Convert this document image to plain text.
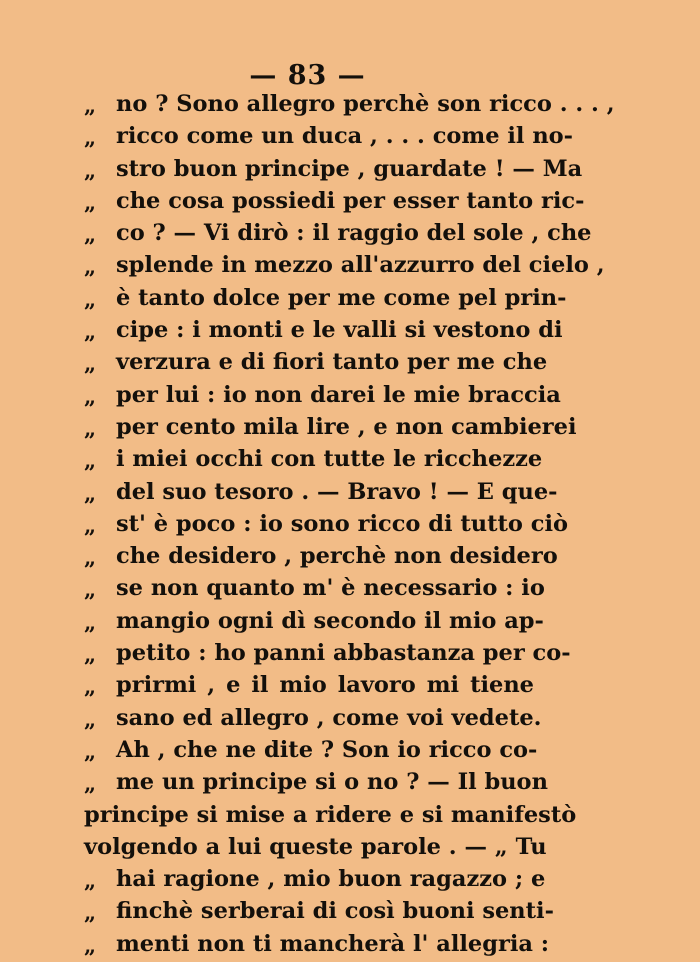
— 83 —
„ no ? Sono allegro perchè son ricco . . . ,
„ ricco come un duca , . . . come il no-
„ stro buon principe , guardate ! — Ma
„ che cosa possiedi per esser tanto ric-
„ co ? — Vi dirò : il raggio del sole , che
„ splende in mezzo all'azzurro del cielo ,
„ è tanto dolce per me come pel prin-
„ cipe : i monti e le valli si vestono di
„ verzura e di fiori tanto per me che
„ per lui : io non darei le mie braccia
„ per cento mila lire , e non cambierei
„ i miei occhi con tutte le ricchezze
„ del suo tesoro . — Bravo ! — E que-
„ st' è poco : io sono ricco di tutto ciò
„ che desidero , perchè non desidero
„ se non quanto m' è necessario : io
„ mangio ogni dì secondo il mio ap-
„ petito : ho panni abbastanza per co-
„ prirmi , e il mio lavoro mi tiene
„ sano ed allegro , come voi vedete.
„ Ah , che ne dite ? Son io ricco co-
„ me un principe si o no ? — Il buon
principe si mise a ridere e si manifestò
volgendo a lui queste parole . — „ Tu
„ hai ragione , mio buon ragazzo ; e
„ finchè serberai di così buoni senti-
„ menti non ti mancherà l' allegria :
